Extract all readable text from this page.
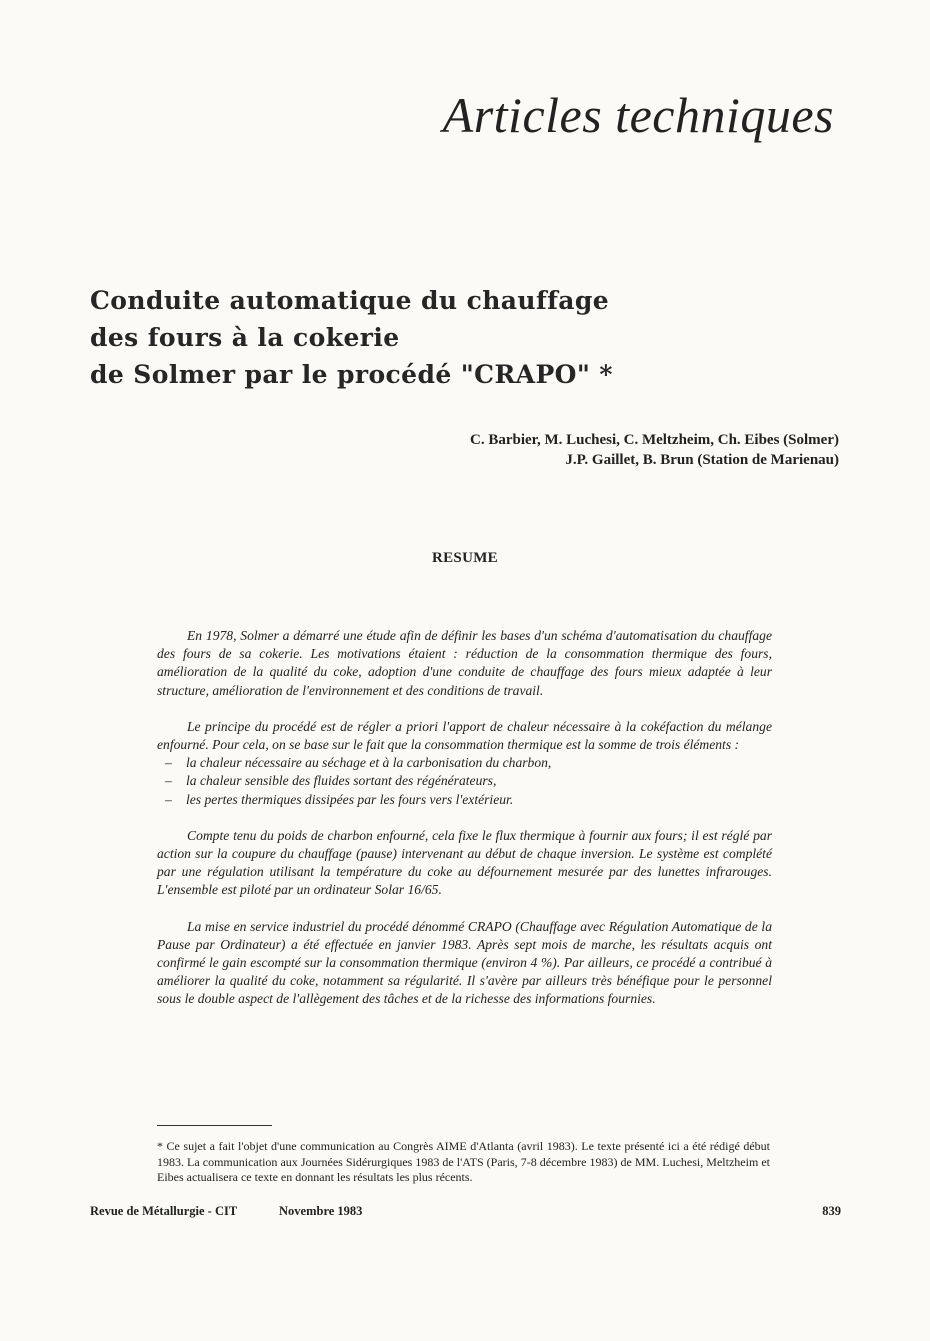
Articles techniques
Conduite automatique du chauffage
des fours à la cokerie
de Solmer par le procédé "CRAPO" *
C. Barbier, M. Luchesi, C. Meltzheim, Ch. Eibes (Solmer)
J.P. Gaillet, B. Brun (Station de Marienau)
RESUME

En 1978, Solmer a démarré une étude afin de définir les bases d'un schéma d'automatisation du chauffage des fours de sa cokerie. Les motivations étaient : réduction de la consommation thermique des fours, amélioration de la qualité du coke, adoption d'une conduite de chauffage des fours mieux adaptée à leur structure, amélioration de l'environnement et des conditions de travail.

Le principe du procédé est de régler a priori l'apport de chaleur nécessaire à la cokéfaction du mélange enfourné. Pour cela, on se base sur le fait que la consommation thermique est la somme de trois éléments :

– la chaleur nécessaire au séchage et à la carbonisation du charbon,
– la chaleur sensible des fluides sortant des régénérateurs,
– les pertes thermiques dissipées par les fours vers l'extérieur.

Compte tenu du poids de charbon enfourné, cela fixe le flux thermique à fournir aux fours; il est réglé par action sur la coupure du chauffage (pause) intervenant au début de chaque inversion. Le système est complété par une régulation utilisant la température du coke au défournement mesurée par des lunettes infrarouges. L'ensemble est piloté par un ordinateur Solar 16/65.

La mise en service industriel du procédé dénommé CRAPO (Chauffage avec Régulation Automatique de la Pause par Ordinateur) a été effectuée en janvier 1983. Après sept mois de marche, les résultats acquis ont confirmé le gain escompté sur la consommation thermique (environ 4 %). Par ailleurs, ce procédé a contribué à améliorer la qualité du coke, notamment sa régularité. Il s'avère par ailleurs très bénéfique pour le personnel sous le double aspect de l'allègement des tâches et de la richesse des informations fournies.

* Ce sujet a fait l'objet d'une communication au Congrès AIME d'Atlanta (avril 1983). Le texte présenté ici a été rédigé début 1983. La communication aux Journées Sidérurgiques 1983 de l'ATS (Paris, 7-8 décembre 1983) de MM. Luchesi, Meltzheim et Eibes actualisera ce texte en donnant les résultats les plus récents.
Revue de Métallurgie - CIT	Novembre 1983	839
